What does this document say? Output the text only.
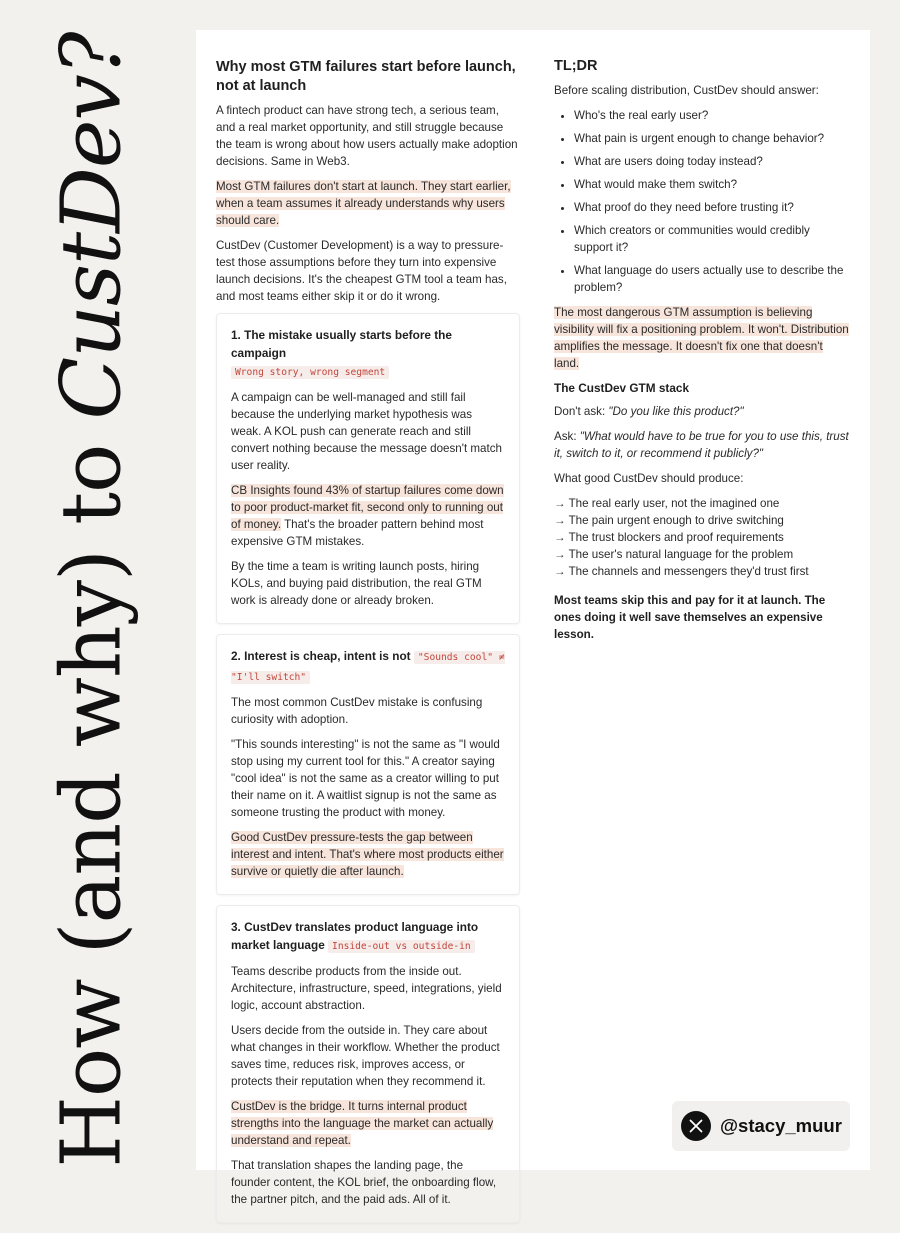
How (and why) to CustDev?	Why most GTM failures start before launch, not at launch

A fintech product can have strong tech, a serious team, and a real market opportunity, and still struggle because the team is wrong about how users actually make adoption decisions. Same in Web3.

Most GTM failures don't start at launch. They start earlier, when a team assumes it already understands why users should care.

CustDev (Customer Development) is a way to pressure-test those assumptions before they turn into expensive launch decisions. It's the cheapest GTM tool a team has, and most teams either skip it or do it wrong.

1. The mistake usually starts before the campaign
Wrong story, wrong segment

A campaign can be well-managed and still fail because the underlying market hypothesis was weak. A KOL push can generate reach and still convert nothing because the message doesn't match user reality.

CB Insights found 43% of startup failures come down to poor product-market fit, second only to running out of money. That's the broader pattern behind most expensive GTM mistakes.

By the time a team is writing launch posts, hiring KOLs, and buying paid distribution, the real GTM work is already done or already broken.

2. Interest is cheap, intent is not "Sounds cool" ≠ "I'll switch"

The most common CustDev mistake is confusing curiosity with adoption.

"This sounds interesting" is not the same as "I would stop using my current tool for this." A creator saying "cool idea" is not the same as a creator willing to put their name on it. A waitlist signup is not the same as someone trusting the product with money.

Good CustDev pressure-tests the gap between interest and intent. That's where most products either survive or quietly die after launch.

3. CustDev translates product language into market language Inside-out vs outside-in

Teams describe products from the inside out. Architecture, infrastructure, speed, integrations, yield logic, account abstraction.

Users decide from the outside in. They care about what changes in their workflow. Whether the product saves time, reduces risk, improves access, or protects their reputation when they recommend it.

CustDev is the bridge. It turns internal product strengths into the language the market can actually understand and repeat.

That translation shapes the landing page, the founder content, the KOL brief, the onboarding flow, the partner pitch, and the paid ads. All of it.

TL;DR

Before scaling distribution, CustDev should answer:

• Who's the real early user?
• What pain is urgent enough to change behavior?
• What are users doing today instead?
• What would make them switch?
• What proof do they need before trusting it?
• Which creators or communities would credibly support it?
• What language do users actually use to describe the problem?

The most dangerous GTM assumption is believing visibility will fix a positioning problem. It won't. Distribution amplifies the message. It doesn't fix one that doesn't land.

The CustDev GTM stack

Don't ask: "Do you like this product?"

Ask: "What would have to be true for you to use this, trust it, switch to it, or recommend it publicly?"

What good CustDev should produce:

→ The real early user, not the imagined one
→ The pain urgent enough to drive switching
→ The trust blockers and proof requirements
→ The user's natural language for the problem
→ The channels and messengers they'd trust first

Most teams skip this and pay for it at launch. The ones doing it well save themselves an expensive lesson.

@stacy_muur
